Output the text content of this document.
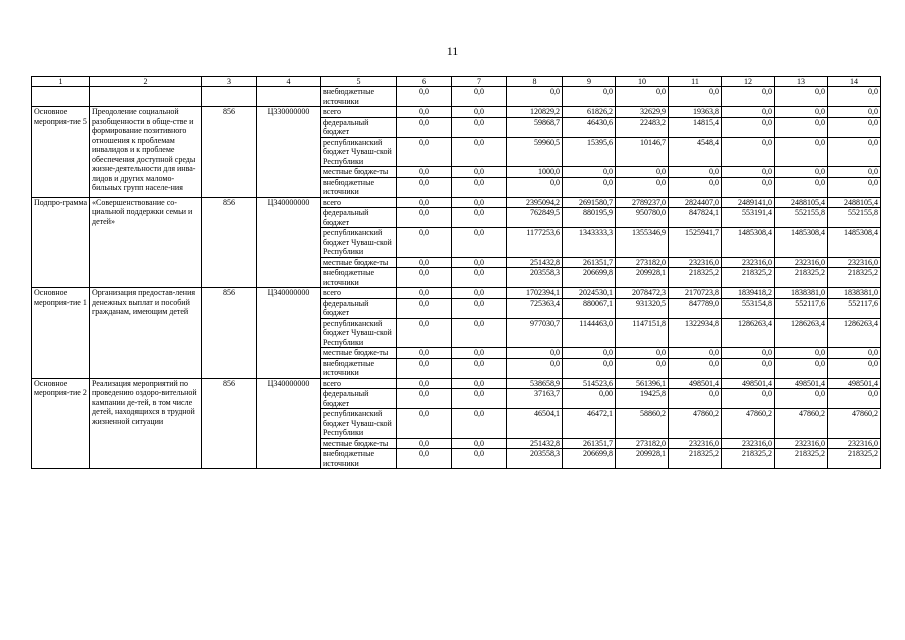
11
1	2	3	4	5	6	7	8	9	10	11	12	13	14
				внебюджетные источники	0,0	0,0	0,0	0,0	0,0	0,0	0,0	0,0	0,0
Основное мероприя-тие 5	Преодоление социальной разобщенности в обще-стве и формирование позитивного отношения к проблемам инвалидов и к проблеме обеспечения доступной среды жизне-деятельности для инва-лидов и других маломо-бильных групп населе-ния	856	Ц330000000	всего	0,0	0,0	120829,2	61826,2	32629,9	19363,8	0,0	0,0	0,0
				федеральный бюджет	0,0	0,0	59868,7	46430,6	22483,2	14815,4	0,0	0,0	0,0
				республиканский бюджет Чуваш-ской Республики	0,0	0,0	59960,5	15395,6	10146,7	4548,4	0,0	0,0	0,0
				местные бюдже-ты	0,0	0,0	1000,0	0,0	0,0	0,0	0,0	0,0	0,0
				внебюджетные источники	0,0	0,0	0,0	0,0	0,0	0,0	0,0	0,0	0,0
Подпро-грамма	«Совершенствование со-циальной поддержки семьи и детей»	856	Ц340000000	всего	0,0	0,0	2395094,2	2691580,7	2789237,0	2824407,0	2489141,0	2488105,4	2488105,4
				федеральный бюджет	0,0	0,0	762849,5	880195,9	950780,0	847824,1	553191,4	552155,8	552155,8
				республиканский бюджет Чуваш-ской Республики	0,0	0,0	1177253,6	1343333,3	1355346,9	1525941,7	1485308,4	1485308,4	1485308,4
				местные бюдже-ты	0,0	0,0	251432,8	261351,7	273182,0	232316,0	232316,0	232316,0	232316,0
				внебюджетные источники	0,0	0,0	203558,3	206699,8	209928,1	218325,2	218325,2	218325,2	218325,2
Основное мероприя-тие 1	Организация предостав-ления денежных выплат и пособий гражданам, имеющим детей	856	Ц340000000	всего	0,0	0,0	1702394,1	2024530,1	2078472,3	2170723,8	1839418,2	1838381,0	1838381,0
				федеральный бюджет	0,0	0,0	725363,4	880067,1	931320,5	847789,0	553154,8	552117,6	552117,6
				республиканский бюджет Чуваш-ской Республики	0,0	0,0	977030,7	1144463,0	1147151,8	1322934,8	1286263,4	1286263,4	1286263,4
				местные бюдже-ты	0,0	0,0	0,0	0,0	0,0	0,0	0,0	0,0	0,0
				внебюджетные источники	0,0	0,0	0,0	0,0	0,0	0,0	0,0	0,0	0,0
Основное мероприя-тие 2	Реализация мероприятий по проведению оздоро-вительной кампании де-тей, в том числе детей, находящихся в трудной жизненной ситуации	856	Ц340000000	всего	0,0	0,0	538658,9	514523,6	561396,1	498501,4	498501,4	498501,4	498501,4
				федеральный бюджет	0,0	0,0	37163,7	0,00	19425,8	0,0	0,0	0,0	0,0
				республиканский бюджет Чуваш-ской Республики	0,0	0,0	46504,1	46472,1	58860,2	47860,2	47860,2	47860,2	47860,2
				местные бюдже-ты	0,0	0,0	251432,8	261351,7	273182,0	232316,0	232316,0	232316,0	232316,0
				внебюджетные источники	0,0	0,0	203558,3	206699,8	209928,1	218325,2	218325,2	218325,2	218325,2
